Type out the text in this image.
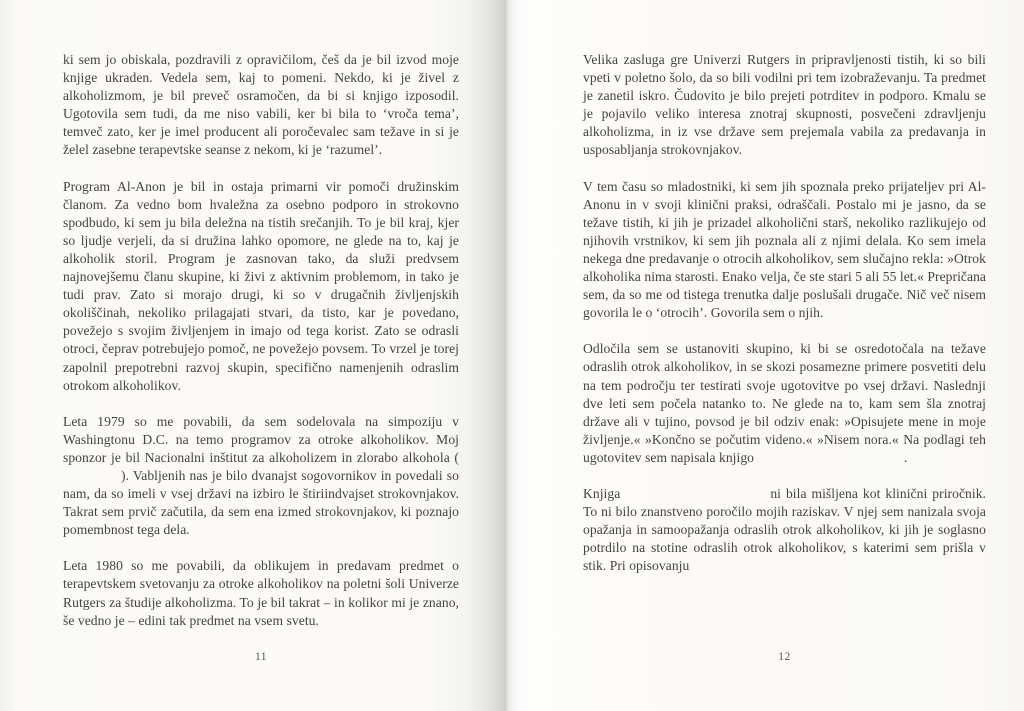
ki sem jo obiskala, pozdravili z opravičilom, češ da je bil izvod moje knjige ukraden. Vedela sem, kaj to pomeni. Nekdo, ki je živel z alkoholizmom, je bil preveč osramočen, da bi si knjigo izposodil. Ugotovila sem tudi, da me niso vabili, ker bi bila to ‘vroča tema’, temveč zato, ker je imel producent ali poročevalec sam težave in si je želel zasebne terapevtske seanse z nekom, ki je ‘razumel’.

Program Al-Anon je bil in ostaja primarni vir pomoči družinskim članom. Za vedno bom hvaležna za osebno podporo in strokovno spodbudo, ki sem ju bila deležna na tistih srečanjih. To je bil kraj, kjer so ljudje verjeli, da si družina lahko opomore, ne glede na to, kaj je alkoholik storil. Program je zasnovan tako, da služi predvsem najnovejšemu članu skupine, ki živi z aktivnim problemom, in tako je tudi prav. Zato si morajo drugi, ki so v drugačnih življenjskih okoliščinah, nekoliko prilagajati stvari, da tisto, kar je povedano, povežejo s svojim življenjem in imajo od tega korist. Zato se odrasli otroci, čeprav potrebujejo pomoč, ne povežejo povsem. To vrzel je torej zapolnil prepotrebni razvoj skupin, specifično namenjenih odraslim otrokom alkoholikov.

Leta 1979 so me povabili, da sem sodelovala na simpoziju v Washingtonu D.C. na temo programov za otroke alkoholikov. Moj sponzor je bil Nacionalni inštitut za alkoholizem in zlorabo alkohola (). Vabljenih nas je bilo dvanajst sogovornikov in povedali so nam, da so imeli v vsej državi na izbiro le štiriindvajset strokovnjakov. Takrat sem prvič začutila, da sem ena izmed strokovnjakov, ki poznajo pomembnost tega dela.

Leta 1980 so me povabili, da oblikujem in predavam predmet o terapevtskem svetovanju za otroke alkoholikov na poletni šoli Univerze Rutgers za študije alkoholizma. To je bil takrat – in kolikor mi je znano, še vedno je – edini tak predmet na vsem svetu.

11

Velika zasluga gre Univerzi Rutgers in pripravljenosti tistih, ki so bili vpeti v poletno šolo, da so bili vodilni pri tem izobraževanju. Ta predmet je zanetil iskro. Čudovito je bilo prejeti potrditev in podporo. Kmalu se je pojavilo veliko interesa znotraj skupnosti, posvečeni zdravljenju alkoholizma, in iz vse države sem prejemala vabila za predavanja in usposabljanja strokovnjakov.

V tem času so mladostniki, ki sem jih spoznala preko prijateljev pri Al-Anonu in v svoji klinični praksi, odraščali. Postalo mi je jasno, da se težave tistih, ki jih je prizadel alkoholični starš, nekoliko razlikujejo od njihovih vrstnikov, ki sem jih poznala ali z njimi delala. Ko sem imela nekega dne predavanje o otrocih alkoholikov, sem slučajno rekla: »Otrok alkoholika nima starosti. Enako velja, če ste stari 5 ali 55 let.« Prepričana sem, da so me od tistega trenutka dalje poslušali drugače. Nič več nisem govorila le o ‘otrocih’. Govorila sem o njih.

Odločila sem se ustanoviti skupino, ki bi se osredotočala na težave odraslih otrok alkoholikov, in se skozi posamezne primere posvetiti delu na tem področju ter testirati svoje ugotovitve po vsej državi. Naslednji dve leti sem počela natanko to. Ne glede na to, kam sem šla znotraj države ali v tujino, povsod je bil odziv enak: »Opisujete mene in moje življenje.« »Končno se počutim videno.« »Nisem nora.« Na podlagi teh ugotovitev sem napisala knjigo	.

Knjiga	ni bila mišljena kot klinični priročnik. To ni bilo znanstveno poročilo mojih raziskav. V njej sem nanizala svoja opažanja in samoopažanja odraslih otrok alkoholikov, ki jih je soglasno potrdilo na stotine odraslih otrok alkoholikov, s katerimi sem prišla v stik. Pri opisovanju

12
